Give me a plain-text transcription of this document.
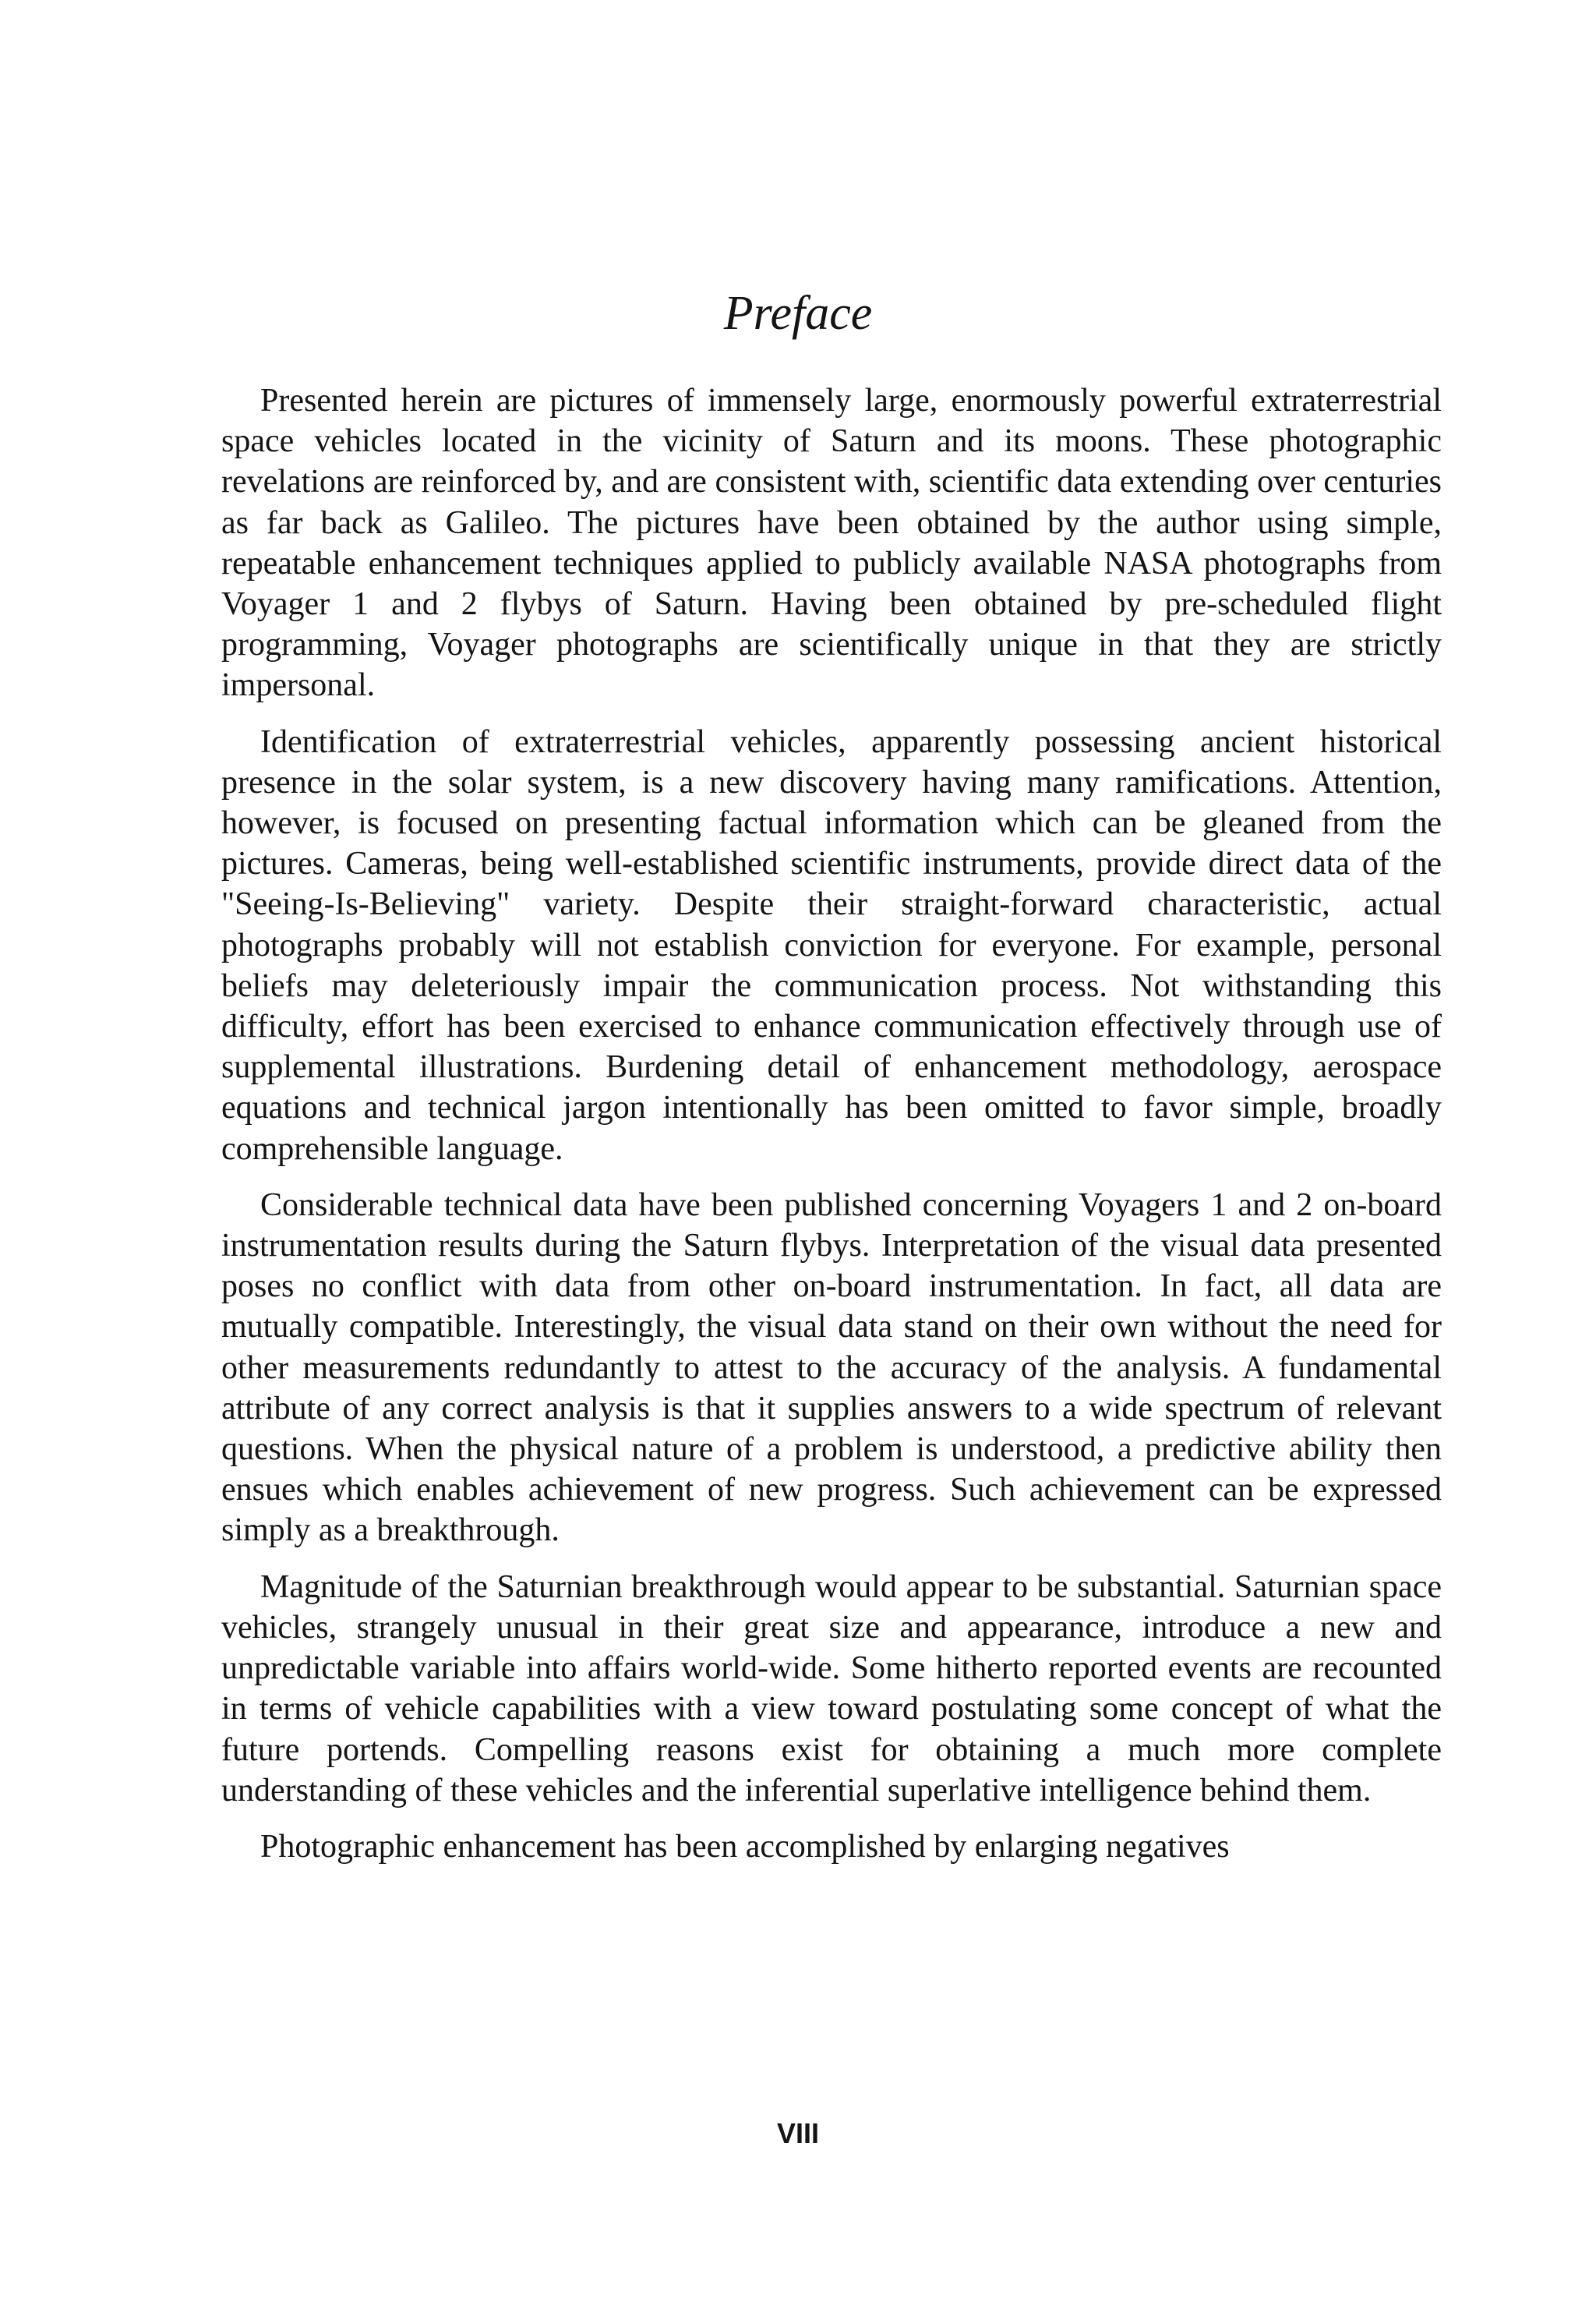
Preface

Presented herein are pictures of immensely large, enormously powerful extraterrestrial space vehicles located in the vicinity of Saturn and its moons. These photographic revelations are reinforced by, and are consistent with, scientific data extending over centuries as far back as Galileo. The pictures have been obtained by the author using simple, repeatable enhancement techniques applied to publicly available NASA photographs from Voyager 1 and 2 flybys of Saturn. Having been obtained by pre-scheduled flight programming, Voyager photographs are scientifically unique in that they are strictly impersonal.

Identification of extraterrestrial vehicles, apparently possessing ancient historical presence in the solar system, is a new discovery having many ramifications. Attention, however, is focused on presenting factual information which can be gleaned from the pictures. Cameras, being well-established scientific instruments, provide direct data of the "Seeing-Is-Believing" variety. Despite their straight-forward characteristic, actual photographs probably will not establish conviction for everyone. For example, personal beliefs may deleteriously impair the communication process. Not withstanding this difficulty, effort has been exercised to enhance communication effectively through use of supplemental illustrations. Burdening detail of enhancement methodology, aerospace equations and technical jargon intentionally has been omitted to favor simple, broadly comprehensible language.

Considerable technical data have been published concerning Voyagers 1 and 2 on-board instrumentation results during the Saturn flybys. Interpretation of the visual data presented poses no conflict with data from other on-board instrumentation. In fact, all data are mutually compatible. Interestingly, the visual data stand on their own without the need for other measurements redundantly to attest to the accuracy of the analysis. A fundamental attribute of any correct analysis is that it supplies answers to a wide spectrum of relevant questions. When the physical nature of a problem is understood, a predictive ability then ensues which enables achievement of new progress. Such achievement can be expressed simply as a breakthrough.

Magnitude of the Saturnian breakthrough would appear to be substantial. Saturnian space vehicles, strangely unusual in their great size and appearance, introduce a new and unpredictable variable into affairs world-wide. Some hitherto reported events are recounted in terms of vehicle capabilities with a view toward postulating some concept of what the future portends. Compelling reasons exist for obtaining a much more complete understanding of these vehicles and the inferential superlative intelligence behind them.

Photographic enhancement has been accomplished by enlarging negatives

VIII
